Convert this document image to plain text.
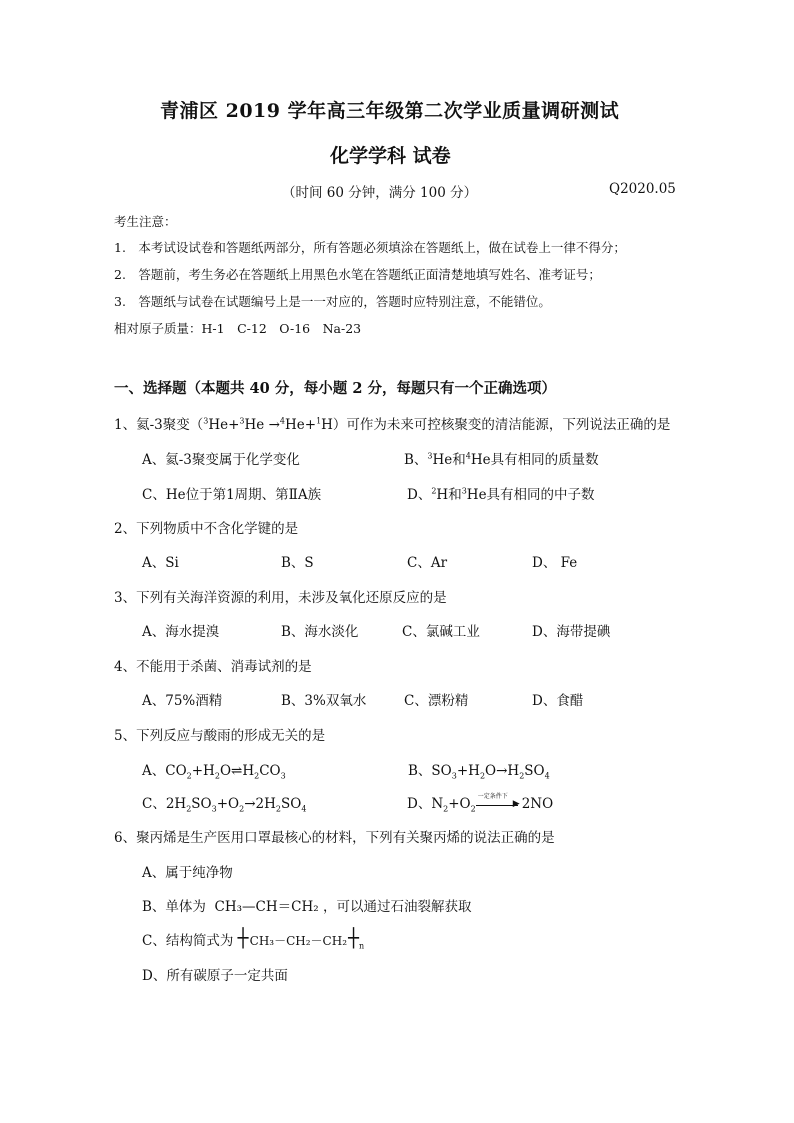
青浦区 2019 学年高三年级第二次学业质量调研测试
化学学科 试卷
（时间 60 分钟，满分 100 分）	Q2020.05
考生注意：
1.　本考试设试卷和答题纸两部分，所有答题必须填涂在答题纸上，做在试卷上一律不得分；
2.　答题前，考生务必在答题纸上用黑色水笔在答题纸正面清楚地填写姓名、准考证号；
3.　答题纸与试卷在试题编号上是一一对应的，答题时应特别注意，不能错位。
相对原子质量：H-1　C-12　O-16　Na-23
一、选择题（本题共 40 分，每小题 2 分，每题只有一个正确选项）
1、氦-3聚变（$^3$He+$^3$He →$^4$He+$^1$H）可作为未来可控核聚变的清洁能源，下列说法正确的是
A、氦-3聚变属于化学变化	B、$^3$He和$^4$He具有相同的质量数
C、He位于第1周期、第ⅡA族	D、$^2$H和$^3$He具有相同的中子数
2、下列物质中不含化学键的是
A、Si	B、S	C、Ar	D、 Fe
3、下列有关海洋资源的利用，未涉及氧化还原反应的是
A、海水提溴	B、海水淡化	C、氯碱工业	D、海带提碘
4、不能用于杀菌、消毒试剂的是
A、75%酒精	B、3%双氧水	C、漂粉精	D、食醋
5、下列反应与酸雨的形成无关的是
A、$CO_2+H_2O\rightleftharpoons H_2CO_3$	B、$SO_3+H_2O\to H_2SO_4$
C、$2H_2SO_3+O_2\to 2H_2SO_4$	D、$N_2+O_2$
一定条件下
▶ 2NO
6、聚丙烯是生产医用口罩最核心的材料，下列有关聚丙烯的说法正确的是
A、属于纯净物
B、单体为 CH₃—CH＝CH₂ ，可以通过石油裂解获取
C、结构简式为 ┼ CH₃－CH₂－CH₂ ┼ $_n$
D、所有碳原子一定共面
